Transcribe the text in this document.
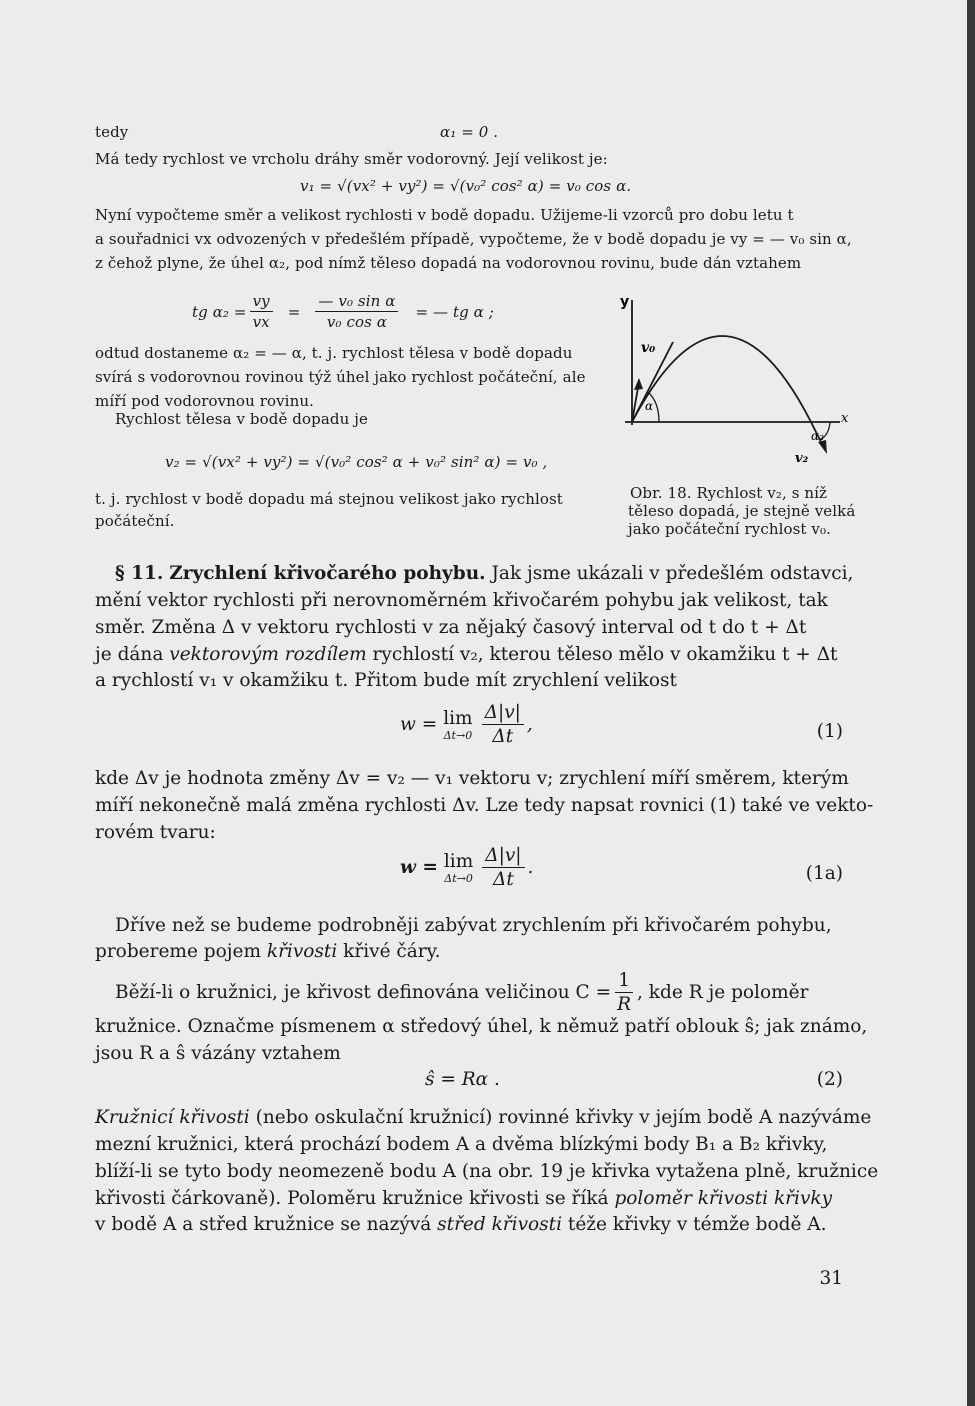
tedy	α₁ = 0 .
Má tedy rychlost ve vrcholu dráhy směr vodorovný. Její velikost je:
v₁ = √(vx² + vy²) = √(v₀² cos² α) = v₀ cos α.
Nyní vypočteme směr a velikost rychlosti v bodě dopadu. Užijeme-li vzorců pro dobu letu t
a souřadnici vx odvozených v předešlém případě, vypočteme, že v bodě dopadu je vy = — v₀ sin α,
z čehož plyne, že úhel α₂, pod nímž těleso dopadá na vodorovnou rovinu, bude dán vztahem
tg $\alpha_2 = \frac{vy}{vx} = \frac{\text{— v₀ sin α}}{\text{v₀ cos α}}$ = — tg α ;
odtud dostaneme α₂ = — α, t. j. rychlost tělesa v bodě dopadu
svírá s vodorovnou rovinou týž úhel jako rychlost počáteční, ale
míří pod vodorovnou rovinu.
Rychlost tělesa v bodě dopadu je
v₂ = √(vx² + vy²) = √(v₀² cos² α + v₀² sin² α) = v₀ ,
t. j. rychlost v bodě dopadu má stejnou velikost jako rychlost
počáteční.
y
x
v₀
α
α₂
v₂
Obr. 18. Rychlost v₂, s níž
těleso dopadá, je stejně velká
jako počáteční rychlost v₀.
§ 11. Zrychlení křivočarého pohybu. Jak jsme ukázali v předešlém odstavci,
mění vektor rychlosti při nerovnoměrném křivočarém pohybu jak velikost, tak
směr. Změna Δ v vektoru rychlosti v za nějaký časový interval od t do t + Δt
je dána vektorovým rozdílem rychlostí v₂, kterou těleso mělo v okamžiku t + Δt
a rychlostí v₁ v okamžiku t. Přitom bude mít zrychlení velikost
w = lim
$\Delta t\to 0 \frac{\Delta|v|}{\Delta t}$ ,	(1)
kde Δv je hodnota změny Δv = v₂ — v₁ vektoru v; zrychlení míří směrem, kterým
míří nekonečně malá změna rychlosti Δv. Lze tedy napsat rovnici (1) také ve vekto-
rovém tvaru:
w = lim
$\Delta t\to 0 \frac{\Delta|v|}{\Delta t}$ .	(1a)
Dříve než se budeme podrobněji zabývat zrychlením při křivočarém pohybu,
probereme pojem křivosti křivé čáry.
Běží-li o kružnici, je křivost definována veličinou $C = \frac{1}{R}$ , kde R je poloměr
kružnice. Označme písmenem α středový úhel, k němuž patří oblouk ŝ; jak známo,
jsou R a ŝ vázány vztahem
ŝ = Rα .	(2)
Kružnicí křivosti (nebo oskulační kružnicí) rovinné křivky v jejím bodě A nazýváme
mezní kružnici, která prochází bodem A a dvěma blízkými body B₁ a B₂ křivky,
blíží-li se tyto body neomezeně bodu A (na obr. 19 je křivka vytažena plně, kružnice
křivosti čárkovaně). Poloměru kružnice křivosti se říká poloměr křivosti křivky
v bodě A a střed kružnice se nazývá střed křivosti téže křivky v témže bodě A.
31
